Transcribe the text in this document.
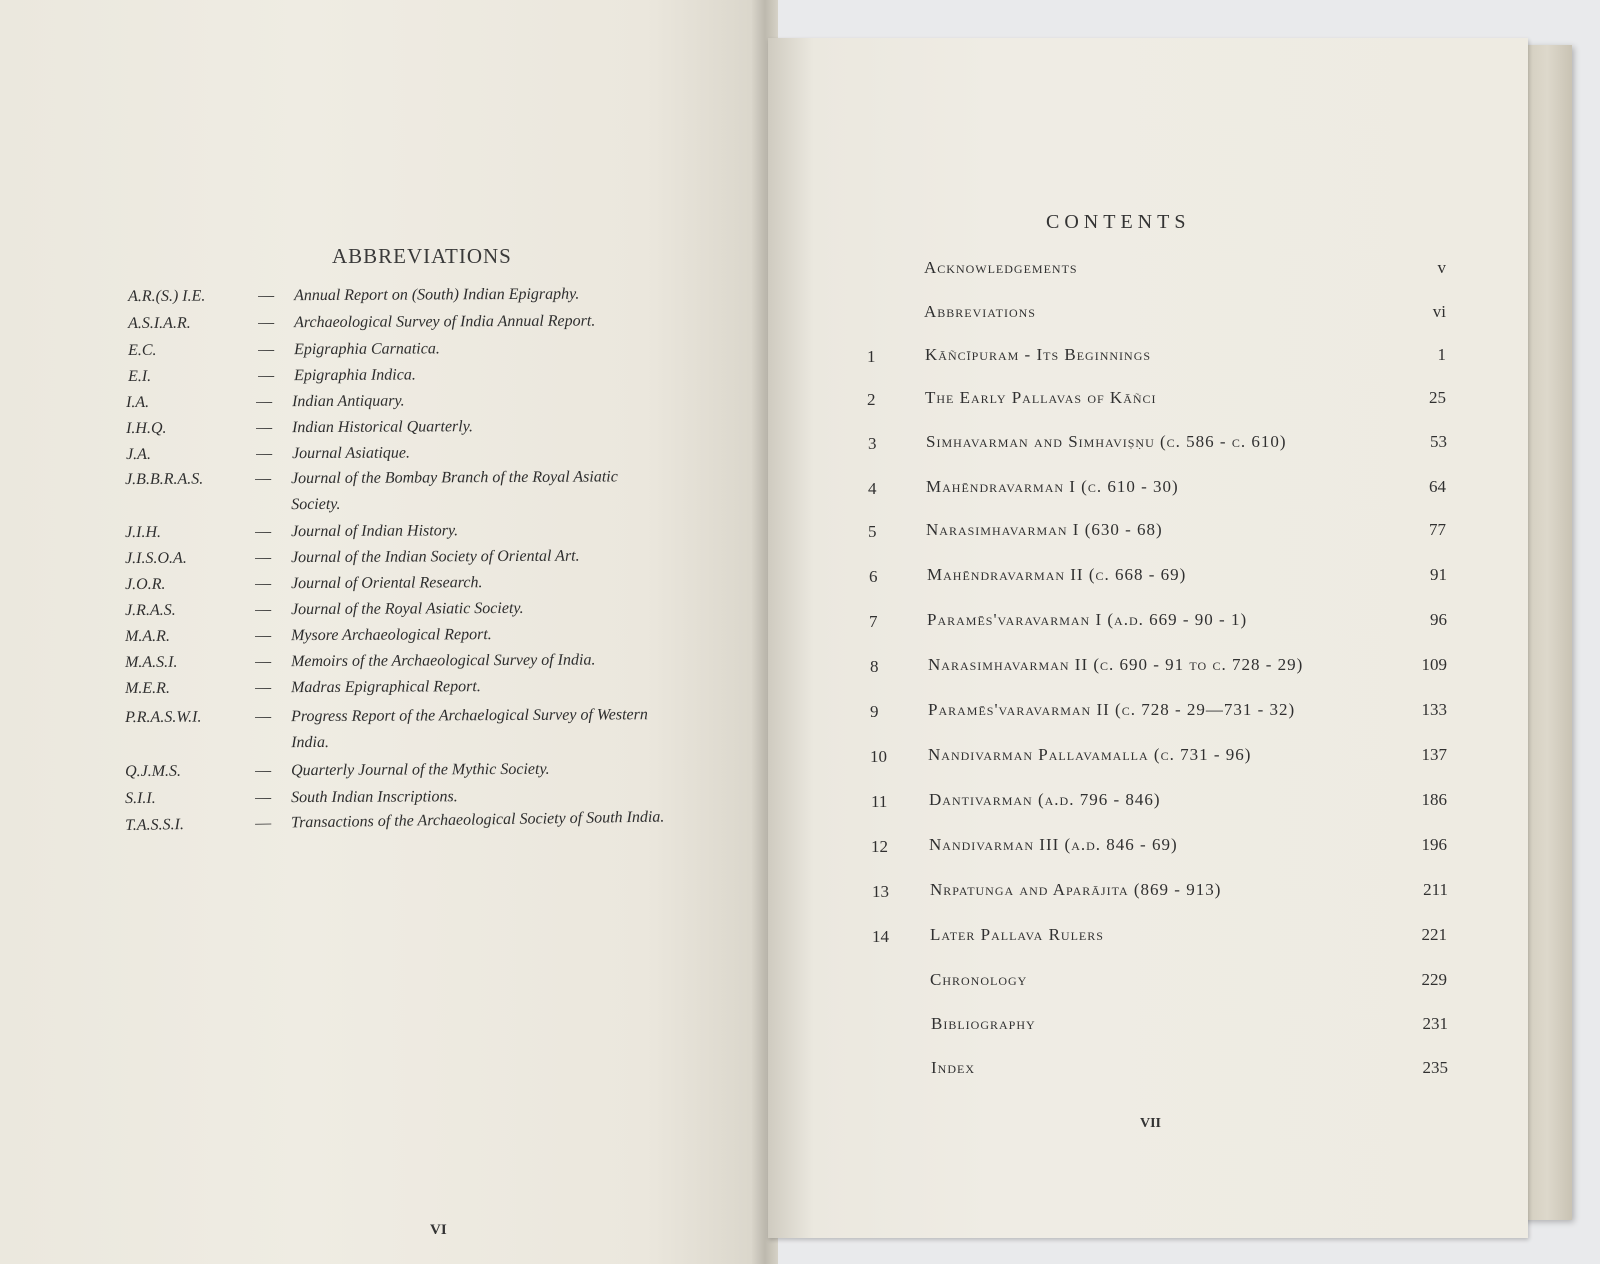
ABBREVIATIONS
A.R.(S.) I.E.	— Annual Report on (South) Indian Epigraphy.
A.S.I.A.R.	— Archaeological Survey of India Annual Report.
E.C.	— Epigraphia Carnatica.
E.I.	— Epigraphia Indica.
I.A.	— Indian Antiquary.
I.H.Q.	— Indian Historical Quarterly.
J.A.	— Journal Asiatique.
J.B.B.R.A.S.	— Journal of the Bombay Branch of the Royal Asiatic
Society.
J.I.H.	— Journal of Indian History.
J.I.S.O.A.	— Journal of the Indian Society of Oriental Art.
J.O.R.	— Journal of Oriental Research.
J.R.A.S.	— Journal of the Royal Asiatic Society.
M.A.R.	— Mysore Archaeological Report.
M.A.S.I.	— Memoirs of the Archaeological Survey of India.
M.E.R.	— Madras Epigraphical Report.
P.R.A.S.W.I.	— Progress Report of the Archaelogical Survey of Western
India.
Q.J.M.S.	— Quarterly Journal of the Mythic Society.
S.I.I.	— South Indian Inscriptions.
T.A.S.S.I.	— Transactions of the Archaeological Society of South India.
VI
CONTENTS
Acknowledgements	v
Abbreviations	vi
1	Kāñcīpuram - Its Beginnings	1
2	The Early Pallavas of Kāñci	25
3	Simhavarman and Simhaviṣṇu (c. 586 - c. 610)	53
4	Mahēndravarman I (c. 610 - 30)	64
5	Narasimhavarman I (630 - 68)	77
6	Mahēndravarman II (c. 668 - 69)	91
7	Paramēs'varavarman I (a.d. 669 - 90 - 1)	96
8	Narasimhavarman II (c. 690 - 91 to c. 728 - 29)	109
9	Paramēs'varavarman II (c. 728 - 29—731 - 32)	133
10	Nandivarman Pallavamalla (c. 731 - 96)	137
11	Dantivarman (a.d. 796 - 846)	186
12	Nandivarman III (a.d. 846 - 69)	196
13	Nrpatunga and Aparājita (869 - 913)	211
14	Later Pallava Rulers	221
Chronology	229
Bibliography	231
Index	235
VII
